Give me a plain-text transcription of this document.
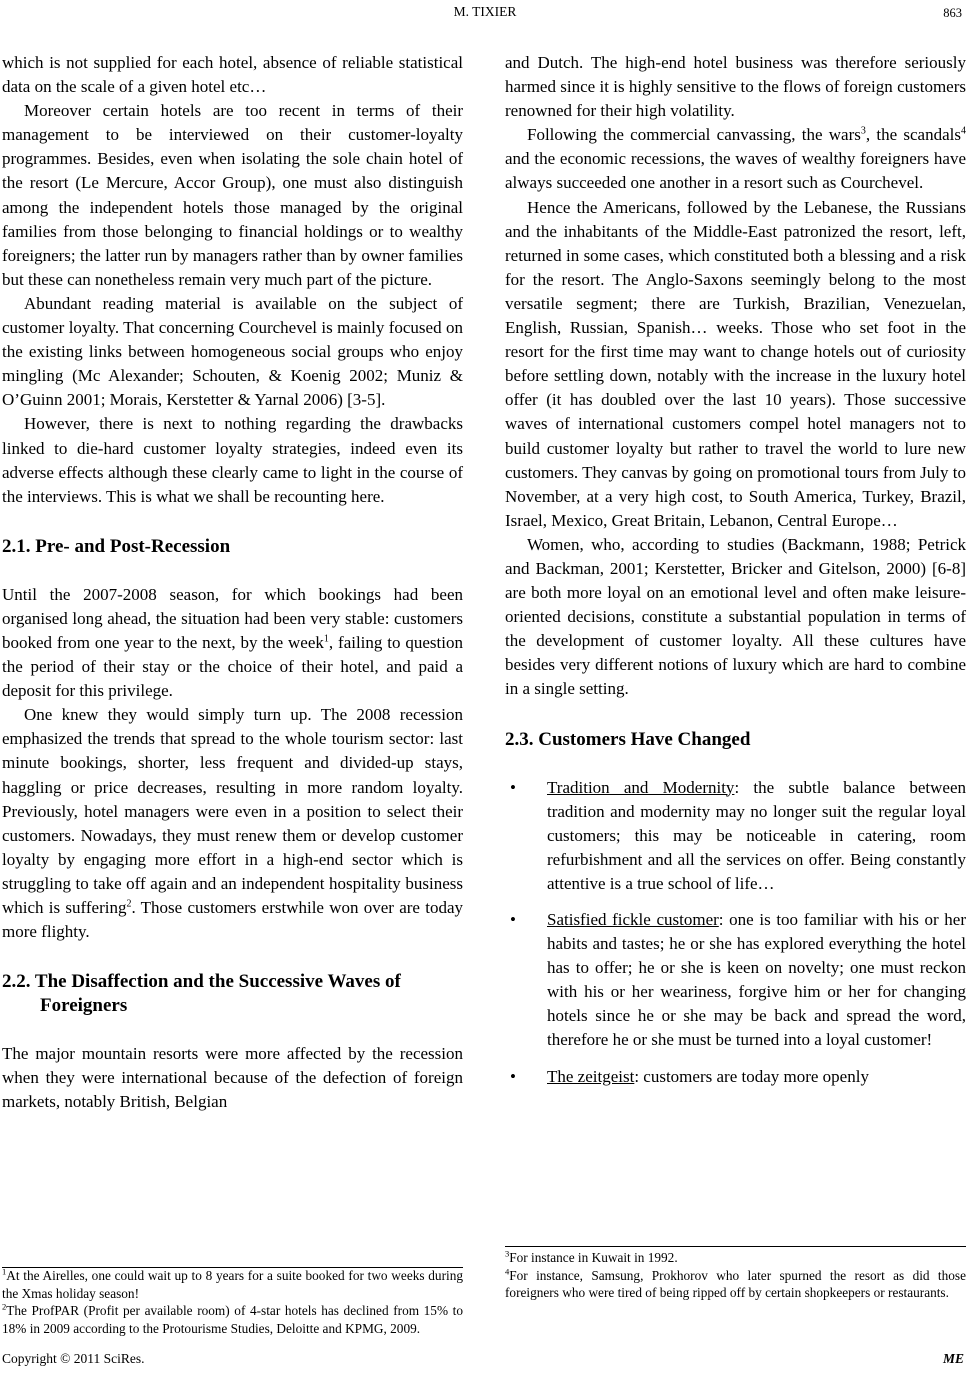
M. TIXIER	863

which is not supplied for each hotel, absence of reliable statistical data on the scale of a given hotel etc…

Moreover certain hotels are too recent in terms of their management to be interviewed on their customer-loyalty programmes. Besides, even when isolating the sole chain hotel of the resort (Le Mercure, Accor Group), one must also distinguish among the independent hotels those managed by the original families from those belonging to financial holdings or to wealthy foreigners; the latter run by managers rather than by owner families but these can nonetheless remain very much part of the picture.

Abundant reading material is available on the subject of customer loyalty. That concerning Courchevel is mainly focused on the existing links between homogeneous social groups who enjoy mingling (Mc Alexander; Schouten, & Koenig 2002; Muniz & O’Guinn 2001; Morais, Kerstetter & Yarnal 2006) [3-5].

However, there is next to nothing regarding the drawbacks linked to die-hard customer loyalty strategies, indeed even its adverse effects although these clearly came to light in the course of the interviews. This is what we shall be recounting here.

2.1. Pre- and Post-Recession

Until the 2007-2008 season, for which bookings had been organised long ahead, the situation had been very stable: customers booked from one year to the next, by the week$^1$, failing to question the period of their stay or the choice of their hotel, and paid a deposit for this privilege.

One knew they would simply turn up. The 2008 recession emphasized the trends that spread to the whole tourism sector: last minute bookings, shorter, less frequent and divided-up stays, haggling or price decreases, resulting in more random loyalty. Previously, hotel managers were even in a position to select their customers. Nowadays, they must renew them or develop customer loyalty by engaging more effort in a high-end sector which is struggling to take off again and an independent hospitality business which is suffering$^2$. Those customers erstwhile won over are today more flighty.

2.2. The Disaffection and the Successive Waves of Foreigners

The major mountain resorts were more affected by the recession when they were international because of the defection of foreign markets, notably British, Belgian

$^1$At the Airelles, one could wait up to 8 years for a suite booked for two weeks during the Xmas holiday season!

$^2$The ProfPAR (Profit per available room) of 4-star hotels has declined from 15% to 18% in 2009 according to the Protourisme Studies, Deloitte and KPMG, 2009.

and Dutch. The high-end hotel business was therefore seriously harmed since it is highly sensitive to the flows of foreign customers renowned for their high volatility.

Following the commercial canvassing, the wars$^3$, the scandals$^4$ and the economic recessions, the waves of wealthy foreigners have always succeeded one another in a resort such as Courchevel.

Hence the Americans, followed by the Lebanese, the Russians and the inhabitants of the Middle-East patronized the resort, left, returned in some cases, which constituted both a blessing and a risk for the resort. The Anglo-Saxons seemingly belong to the most versatile segment; there are Turkish, Brazilian, Venezuelan, English, Russian, Spanish… weeks. Those who set foot in the resort for the first time may want to change hotels out of curiosity before settling down, notably with the increase in the luxury hotel offer (it has doubled over the last 10 years). Those successive waves of international customers compel hotel managers not to build customer loyalty but rather to travel the world to lure new customers. They canvas by going on promotional tours from July to November, at a very high cost, to South America, Turkey, Brazil, Israel, Mexico, Great Britain, Lebanon, Central Europe…

Women, who, according to studies (Backmann, 1988; Petrick and Backman, 2001; Kerstetter, Bricker and Gitelson, 2000) [6-8] are both more loyal on an emotional level and often make leisure-oriented decisions, constitute a substantial population in terms of the development of customer loyalty. All these cultures have besides very different notions of luxury which are hard to combine in a single setting.

2.3. Customers Have Changed
• Tradition and Modernity: the subtle balance between tradition and modernity may no longer suit the regular loyal customers; this may be noticeable in catering, room refurbishment and all the services on offer. Being constantly attentive is a true school of life…
• Satisfied fickle customer: one is too familiar with his or her habits and tastes; he or she has explored everything the hotel has to offer; he or she is keen on novelty; one must reckon with his or her weariness, forgive him or her for changing hotels since he or she may be back and spread the word, therefore he or she must be turned into a loyal customer!
• The zeitgeist: customers are today more openly

$^3$For instance in Kuwait in 1992.

$^4$For instance, Samsung, Prokhorov who later spurned the resort as did those foreigners who were tired of being ripped off by certain shopkeepers or restaurants.

Copyright © 2011 SciRes.	ME
